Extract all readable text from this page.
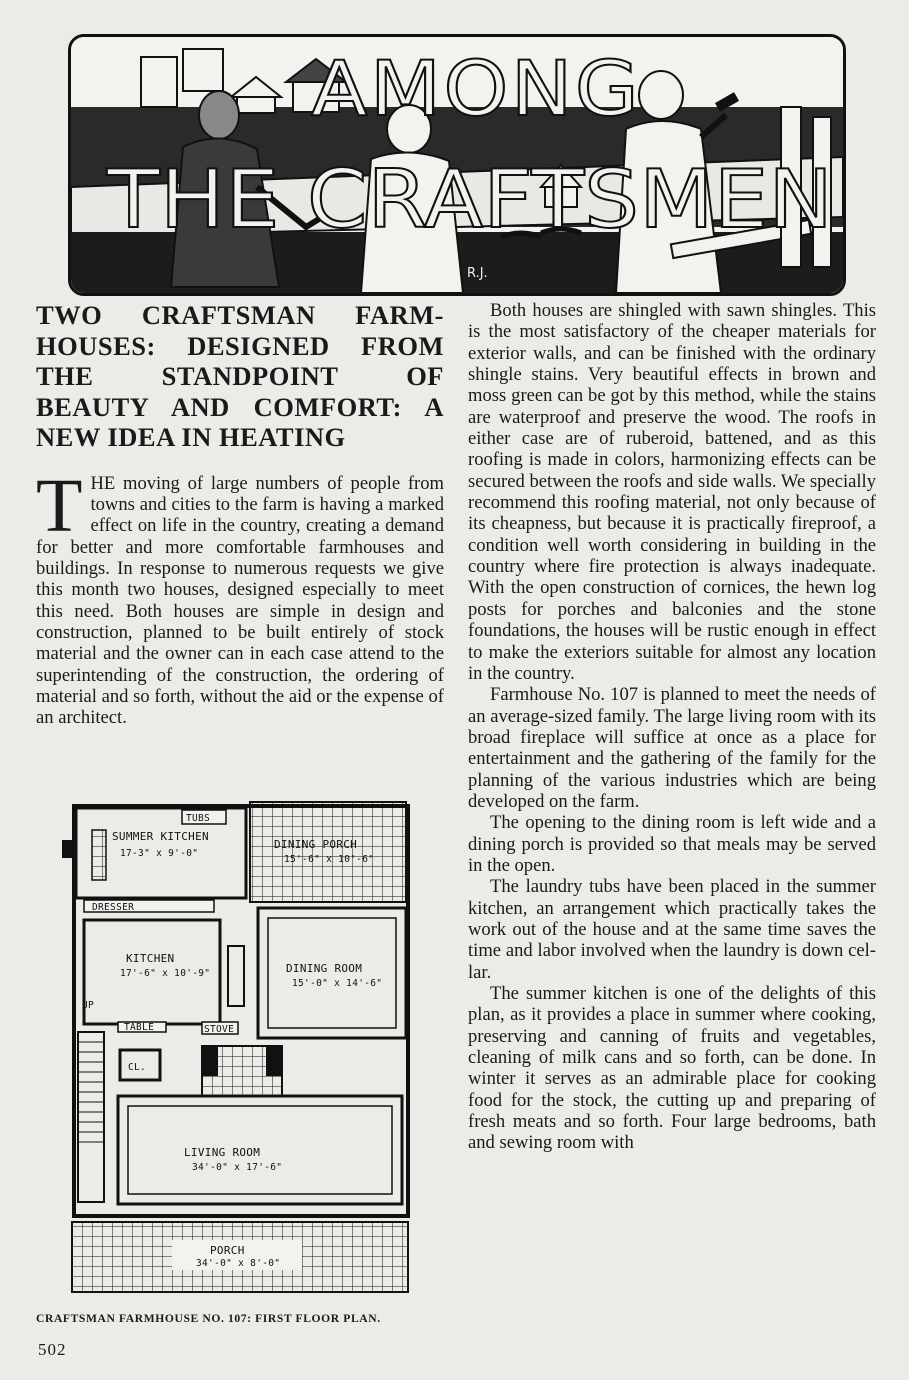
AMONG
THE CRAFTSMEN
R.J.
TWO CRAFTSMAN FARM-
HOUSES: DESIGNED FROM
THE STANDPOINT OF
BEAUTY AND COMFORT: A
NEW IDEA IN HEATING
T HE moving of large numbers of people from towns and cities to the farm is having a marked effect on life in the country, creating a demand for better and more comfortable farmhouses and buildings. In response to numerous requests we give this month two houses, designed especially to meet this need. Both houses are simple in design and construction, planned to be built entirely of stock material and the owner can in each case attend to the superintending of the construction, the ordering of material and so forth, without the aid or the expense of an architect.

TUBS
SUMMER KITCHEN
17-3" x 9'-0"
DINING PORCH
15'-6" x 10'-6"
DRESSER
KITCHEN
17'-6" x 10'-9"	DINING ROOM
15'-0" x 14'-6"
TABLE	STOVE
CL.
UP
LIVING ROOM
34'-0" x 17'-6"
PORCH
34'-0" x 8'-0"
CRAFTSMAN FARMHOUSE NO. 107: FIRST FLOOR PLAN.
502

Both houses are shingled with sawn shingles. This is the most satisfactory of the cheaper materials for exterior walls, and can be finished with the ordinary shingle stains. Very beautiful effects in brown and moss green can be got by this method, while the stains are waterproof and preserve the wood. The roofs in either case are of ruberoid, battened, and as this roofing is made in colors, harmonizing effects can be secured between the roofs and side walls. We specially recommend this roofing material, not only because of its cheapness, but because it is practically fireproof, a condition well worth considering in building in the country where fire protection is always inadequate. With the open construction of cornices, the hewn log posts for porches and balconies and the stone foundations, the houses will be rustic enough in effect to make the exteriors suitable for almost any location in the country.

Farmhouse No. 107 is planned to meet the needs of an average-sized family. The large living room with its broad fireplace will suffice at once as a place for entertainment and the gathering of the family for the planning of the various industries which are being developed on the farm.

The opening to the dining room is left wide and a dining porch is provided so that meals may be served in the open.

The laundry tubs have been placed in the summer kitchen, an arrangement which practically takes the work out of the house and at the same time saves the time and labor involved when the laundry is down cellar.

The summer kitchen is one of the delights of this plan, as it provides a place in summer where cooking, preserving and canning of fruits and vegetables, cleaning of milk cans and so forth, can be done. In winter it serves as an admirable place for cooking food for the stock, the cutting up and preparing of fresh meats and so forth. Four large bedrooms, bath and sewing room with
